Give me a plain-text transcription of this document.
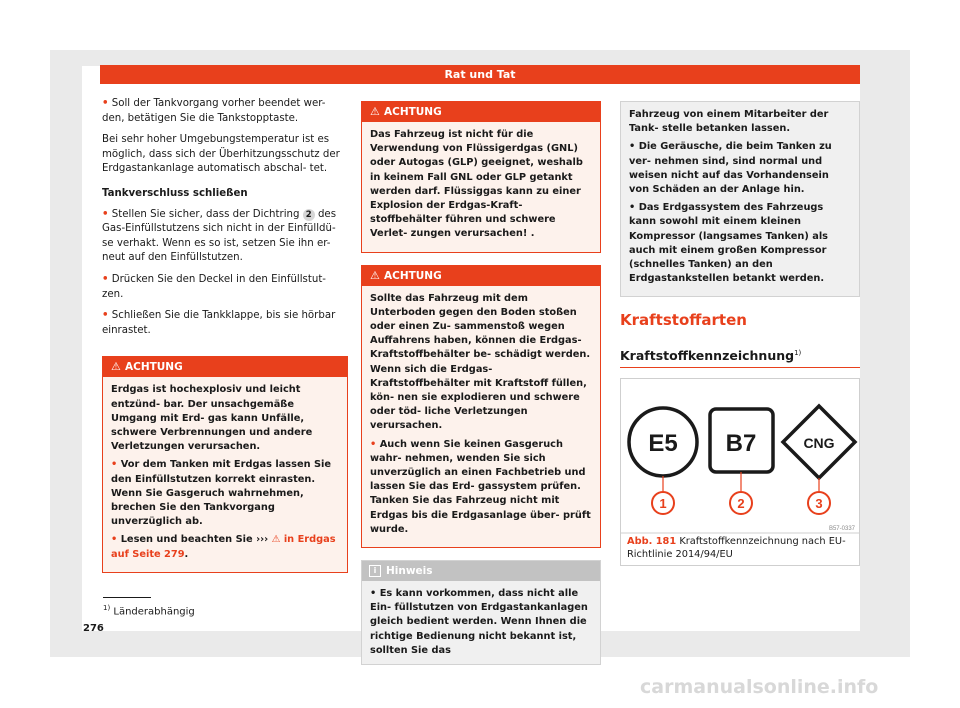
Rat und Tat

• Soll der Tankvorgang vorher beendet wer- den, betätigen Sie die Tankstopptaste.

Bei sehr hoher Umgebungstemperatur ist es möglich, dass sich der Überhitzungsschutz der Erdgastankanlage automatisch abschal- tet.

Tankverschluss schließen

• Stellen Sie sicher, dass der Dichtring 2 des Gas-Einfüllstutzens sich nicht in der Einfülldü- se verhakt. Wenn es so ist, setzen Sie ihn er- neut auf den Einfüllstutzen.

• Drücken Sie den Deckel in den Einfüllstut- zen.

• Schließen Sie die Tankklappe, bis sie hörbar einrastet.

⚠ ACHTUNG

Erdgas ist hochexplosiv und leicht entzünd- bar. Der unsachgemäße Umgang mit Erd- gas kann Unfälle, schwere Verbrennungen und andere Verletzungen verursachen.

• Vor dem Tanken mit Erdgas lassen Sie den Einfüllstutzen korrekt einrasten. Wenn Sie Gasgeruch wahrnehmen, brechen Sie den Tankvorgang unverzüglich ab.

• Lesen und beachten Sie ››› ⚠ in Erdgas auf Seite 279.

⚠ ACHTUNG

Das Fahrzeug ist nicht für die Verwendung von Flüssigerdgas (GNL) oder Autogas (GLP) geeignet, weshalb in keinem Fall GNL oder GLP getankt werden darf. Flüssiggas kann zu einer Explosion der Erdgas-Kraft- stoffbehälter führen und schwere Verlet- zungen verursachen! .

⚠ ACHTUNG

Sollte das Fahrzeug mit dem Unterboden gegen den Boden stoßen oder einen Zu- sammenstoß wegen Auffahrens haben, können die Erdgas-Kraftstoffbehälter be- schädigt werden. Wenn sich die Erdgas- Kraftstoffbehälter mit Kraftstoff füllen, kön- nen sie explodieren und schwere oder töd- liche Verletzungen verursachen.

• Auch wenn Sie keinen Gasgeruch wahr- nehmen, wenden Sie sich unverzüglich an einen Fachbetrieb und lassen Sie das Erd- gassystem prüfen. Tanken Sie das Fahrzeug nicht mit Erdgas bis die Erdgasanlage über- prüft wurde.

i Hinweis
• Es kann vorkommen, dass nicht alle Ein- füllstutzen von Erdgastankanlagen gleich bedient werden. Wenn Ihnen die richtige Bedienung nicht bekannt ist, sollten Sie das

Fahrzeug von einem Mitarbeiter der Tank- stelle betanken lassen.

• Die Geräusche, die beim Tanken zu ver- nehmen sind, sind normal und weisen nicht auf das Vorhandensein von Schäden an der Anlage hin.

• Das Erdgassystem des Fahrzeugs kann sowohl mit einem kleinen Kompressor (langsames Tanken) als auch mit einem großen Kompressor (schnelles Tanken) an den Erdgastankstellen betankt werden.

Kraftstoffarten
Kraftstoffkennzeichnung$^{1)}$
E5 B7	CNG
1	2	3
B57-0337
Abb. 181 Kraftstoffkennzeichnung nach EU- Richtlinie 2014/94/EU
$^{1)}$ Länderabhängig
276
carmanualsonline.info
